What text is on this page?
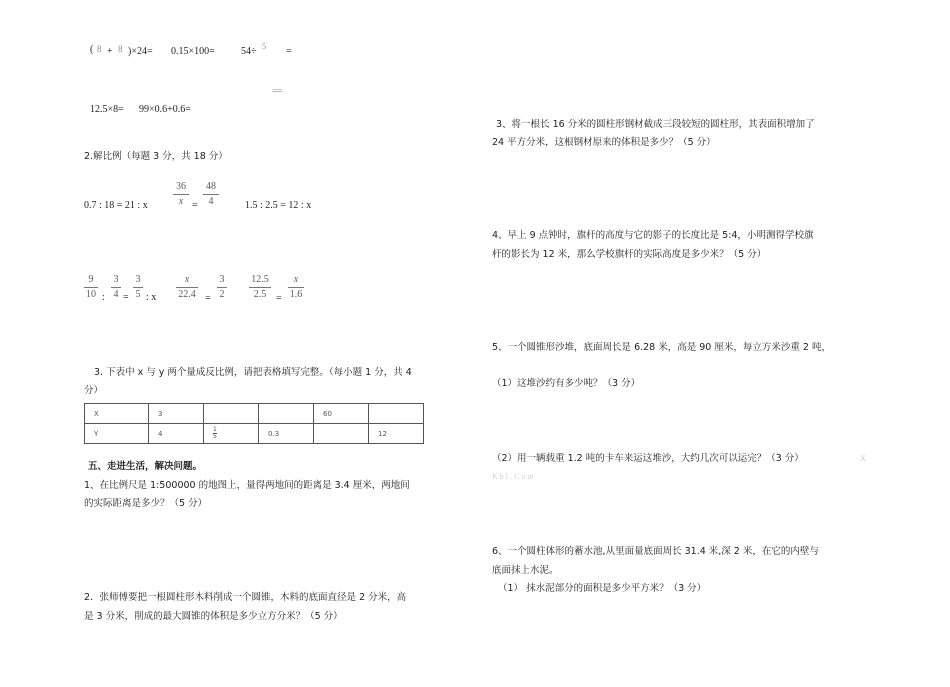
( 8 + 8 )×24= 0.15×100=	54÷ 5 =
==
12.5×8= 99×0.6+0.6=
2.解比例（每题 3 分，共 18 分）
0.7 : 18 = 21 : x
36
x =
48
4	1.5 : 2.5 = 12 : x
9
10 :
3
4 =
3
5 : x
x
22.4 =
3
2
12.5
2.5 =
x
1.6
3. 下表中 x 与 y 两个量成反比例，请把表格填写完整。（每小题 1 分，共 4
分）
X	3			60	
Y	4	$\frac{1}{5}$	0.3		12
五、走进生活，解决问题。
1、在比例尺是 1:500000 的地图上，量得两地间的距离是 3.4 厘米，两地间
的实际距离是多少？（5 分）
2．张师傅要把一根圆柱形木料削成一个圆锥，木料的底面直径是 2 分米，高
是 3 分米，削成的最大圆锥的体积是多少立方分米？（5 分）
3、将一根长 16 分米的圆柱形钢材截成三段较短的圆柱形，其表面积增加了
24 平方分米，这根钢材原来的体积是多少？（5 分）
4、早上 9 点钟时，旗杆的高度与它的影子的长度比是 5:4，小明测得学校旗
杆的影长为 12 米，那么学校旗杆的实际高度是多少米？（5 分）
5、一个圆锥形沙堆，底面周长是 6.28 米，高是 90 厘米，每立方米沙重 2 吨，
（1）这堆沙约有多少吨？（3 分）
（2）用一辆载重 1.2 吨的卡车来运这堆沙，大约几次可以运完？（3 分）	X
K b l . C o m
6、一个圆柱体形的蓄水池,从里面量底面周长 31.4 米,深 2 米，在它的内壁与
底面抹上水泥。
（1） 抹水泥部分的面积是多少平方米？（3 分）
